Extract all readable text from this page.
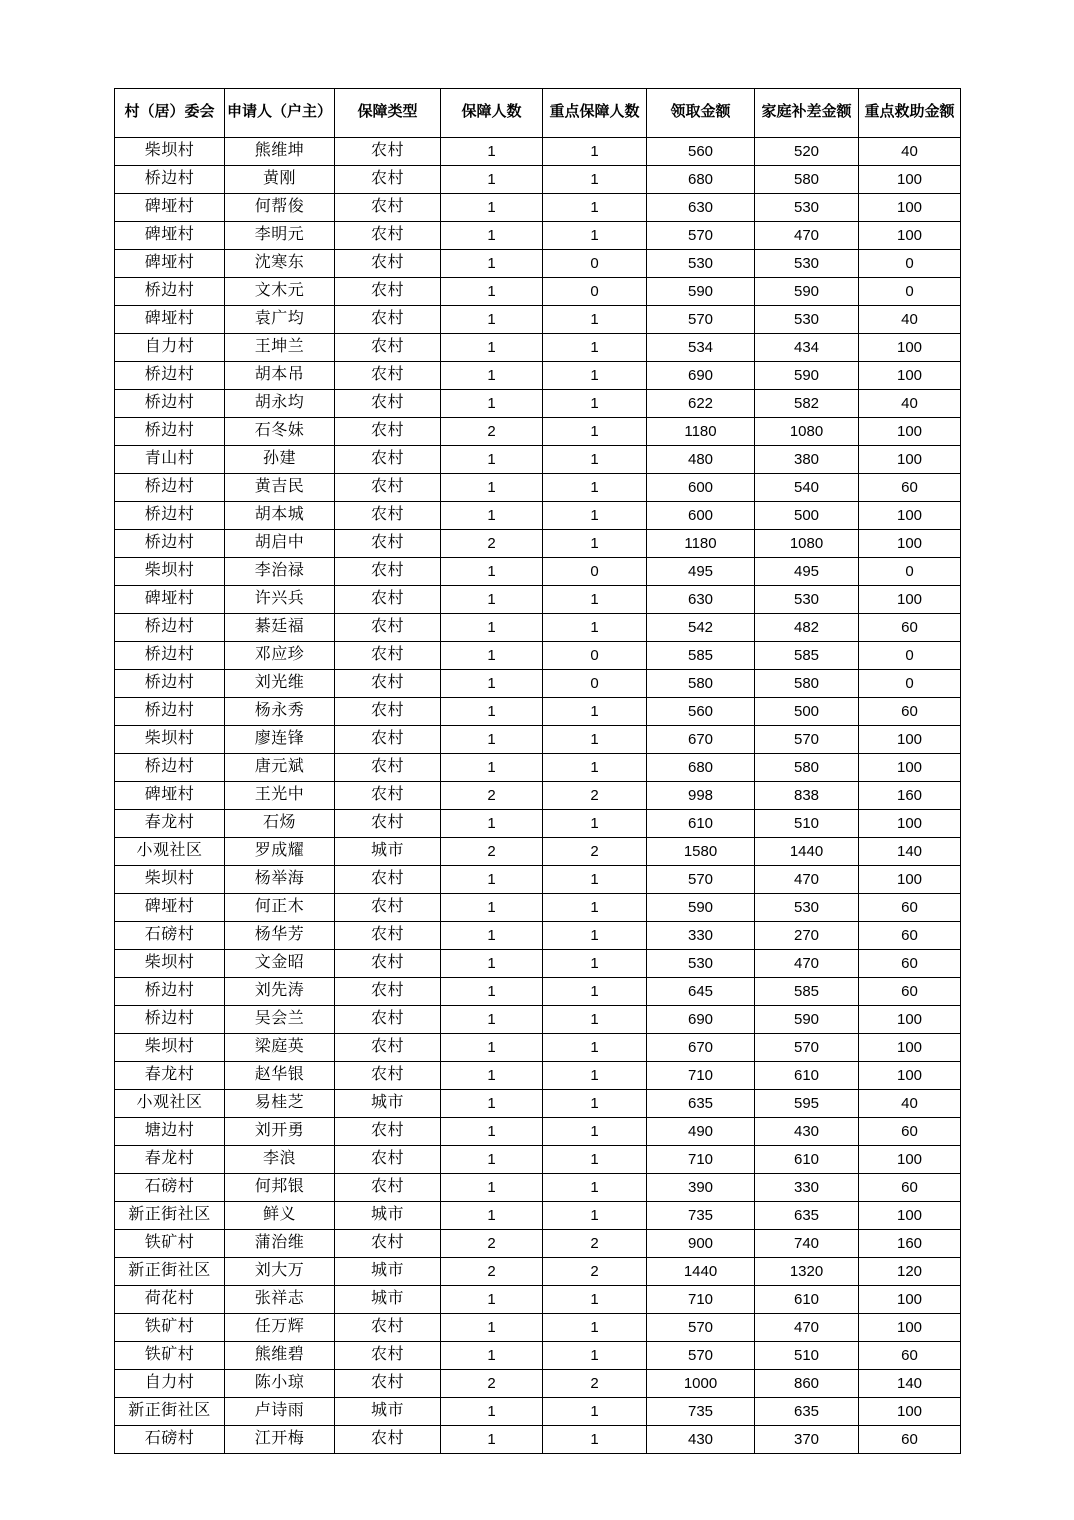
村（居）委会	申请人（户主）	保障类型	保障人数	重点保障人数	领取金额	家庭补差金额	重点救助金额
柴坝村	熊维坤	农村	1	1	560	520	40
桥边村	黄刚	农村	1	1	680	580	100
碑垭村	何帮俊	农村	1	1	630	530	100
碑垭村	李明元	农村	1	1	570	470	100
碑垭村	沈寒东	农村	1	0	530	530	0
桥边村	文木元	农村	1	0	590	590	0
碑垭村	袁广均	农村	1	1	570	530	40
自力村	王坤兰	农村	1	1	534	434	100
桥边村	胡本吊	农村	1	1	690	590	100
桥边村	胡永均	农村	1	1	622	582	40
桥边村	石冬妹	农村	2	1	1180	1080	100
青山村	孙建	农村	1	1	480	380	100
桥边村	黄吉民	农村	1	1	600	540	60
桥边村	胡本城	农村	1	1	600	500	100
桥边村	胡启中	农村	2	1	1180	1080	100
柴坝村	李治禄	农村	1	0	495	495	0
碑垭村	许兴兵	农村	1	1	630	530	100
桥边村	綦廷福	农村	1	1	542	482	60
桥边村	邓应珍	农村	1	0	585	585	0
桥边村	刘光维	农村	1	0	580	580	0
桥边村	杨永秀	农村	1	1	560	500	60
柴坝村	廖连锋	农村	1	1	670	570	100
桥边村	唐元斌	农村	1	1	680	580	100
碑垭村	王光中	农村	2	2	998	838	160
春龙村	石炀	农村	1	1	610	510	100
小观社区	罗成耀	城市	2	2	1580	1440	140
柴坝村	杨举海	农村	1	1	570	470	100
碑垭村	何正木	农村	1	1	590	530	60
石磅村	杨华芳	农村	1	1	330	270	60
柴坝村	文金昭	农村	1	1	530	470	60
桥边村	刘先涛	农村	1	1	645	585	60
桥边村	吴会兰	农村	1	1	690	590	100
柴坝村	梁庭英	农村	1	1	670	570	100
春龙村	赵华银	农村	1	1	710	610	100
小观社区	易桂芝	城市	1	1	635	595	40
塘边村	刘开勇	农村	1	1	490	430	60
春龙村	李浪	农村	1	1	710	610	100
石磅村	何邦银	农村	1	1	390	330	60
新正街社区	鲜义	城市	1	1	735	635	100
铁矿村	蒲治维	农村	2	2	900	740	160
新正街社区	刘大万	城市	2	2	1440	1320	120
荷花村	张祥志	城市	1	1	710	610	100
铁矿村	任万辉	农村	1	1	570	470	100
铁矿村	熊维碧	农村	1	1	570	510	60
自力村	陈小琼	农村	2	2	1000	860	140
新正街社区	卢诗雨	城市	1	1	735	635	100
石磅村	江开梅	农村	1	1	430	370	60
